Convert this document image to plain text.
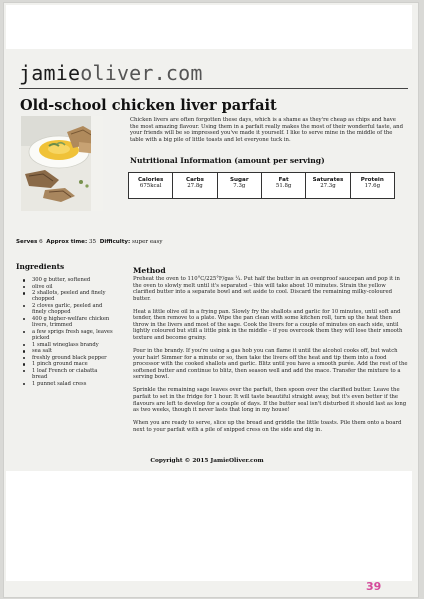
jamieoliver.com
Old-school chicken liver parfait
Chicken livers are often forgotten these days, which is a shame as they're cheap as chips and have the most amazing flavour. Using them in a parfait really makes the most of their wonderful taste, and your friends will be so impressed you've made it yourself. I like to serve mine in the middle of the table with a big pile of little toasts and let everyone tuck in.
Nutritional Information (amount per serving)
Calories
675kcal
Carbs
27.8g
Sugar
7.3g
Fat
51.8g
Saturates
27.3g
Protein
17.6g
Serves 6 Approx time: 35 Difficulty: super easy
Ingredients
300 g butter, softened
olive oil
2 shallots, peeled and finely chopped
2 cloves garlic, peeled and finely chopped
400 g higher-welfare chicken livers, trimmed
a few sprigs fresh sage, leaves picked
1 small wineglass brandy
sea salt
freshly ground black pepper
1 pinch ground mace
1 loaf French or ciabatta bread
1 punnet salad cress
Method

Preheat the oven to 110°C/225°F/gas ¼. Put half the butter in an ovenproof saucepan and pop it in the oven to slowly melt until it's separated – this will take about 10 minutes. Strain the yellow clarified butter into a separate bowl and set aside to cool. Discard the remaining milky-coloured butter.

Heat a little olive oil in a frying pan. Slowly fry the shallots and garlic for 10 minutes, until soft and tender, then remove to a plate. Wipe the pan clean with some kitchen roll, turn up the heat then throw in the livers and most of the sage. Cook the livers for a couple of minutes on each side, until lightly coloured but still a little pink in the middle – if you overcook them they will lose their smooth texture and become grainy.

Pour in the brandy. If you're using a gas hob you can flame it until the alcohol cooks off, but watch your hair! Simmer for a minute or so, then take the livers off the heat and tip them into a food processor with the cooked shallots and garlic. Blitz until you have a smooth purée. Add the rest of the softened butter and continue to blitz, then season well and add the mace. Transfer the mixture to a serving bowl.

Sprinkle the remaining sage leaves over the parfait, then spoon over the clarified butter. Leave the parfait to set in the fridge for 1 hour. It will taste beautiful straight away, but it's even better if the flavours are left to develop for a couple of days. If the butter seal isn't disturbed it should last as long as two weeks, though it never lasts that long in my house!

When you are ready to serve, slice up the bread and griddle the little toasts. Pile them onto a board next to your parfait with a pile of snipped cress on the side and dig in.

Copyright © 2015 JamieOliver.com
39
